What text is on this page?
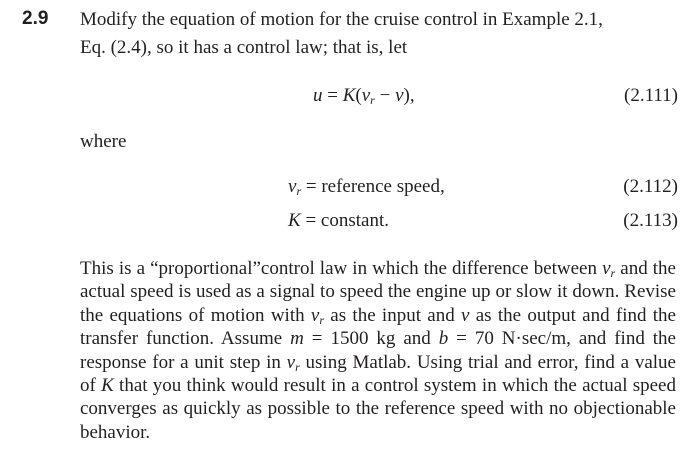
2.9 Modify the equation of motion for the cruise control in Example 2.1,
Eq. (2.4), so it has a control law; that is, let
$u = K(v_r - v)$,	(2.111)
where
$v_r$ = reference speed,	(2.112)
K = constant.	(2.113)
This is a “proportional”control law in which the difference between $v_r$ and the actual speed is used as a signal to speed the engine up or slow it down. Revise the equations of motion with $v_r$ as the input and v as the output and find the transfer function. Assume m = 1500 kg and b = 70 N·sec/m, and find the response for a unit step in $v_r$ using Matlab. Using trial and error, find a value of K that you think would result in a control system in which the actual speed converges as quickly as possible to the reference speed with no objectionable behavior.
